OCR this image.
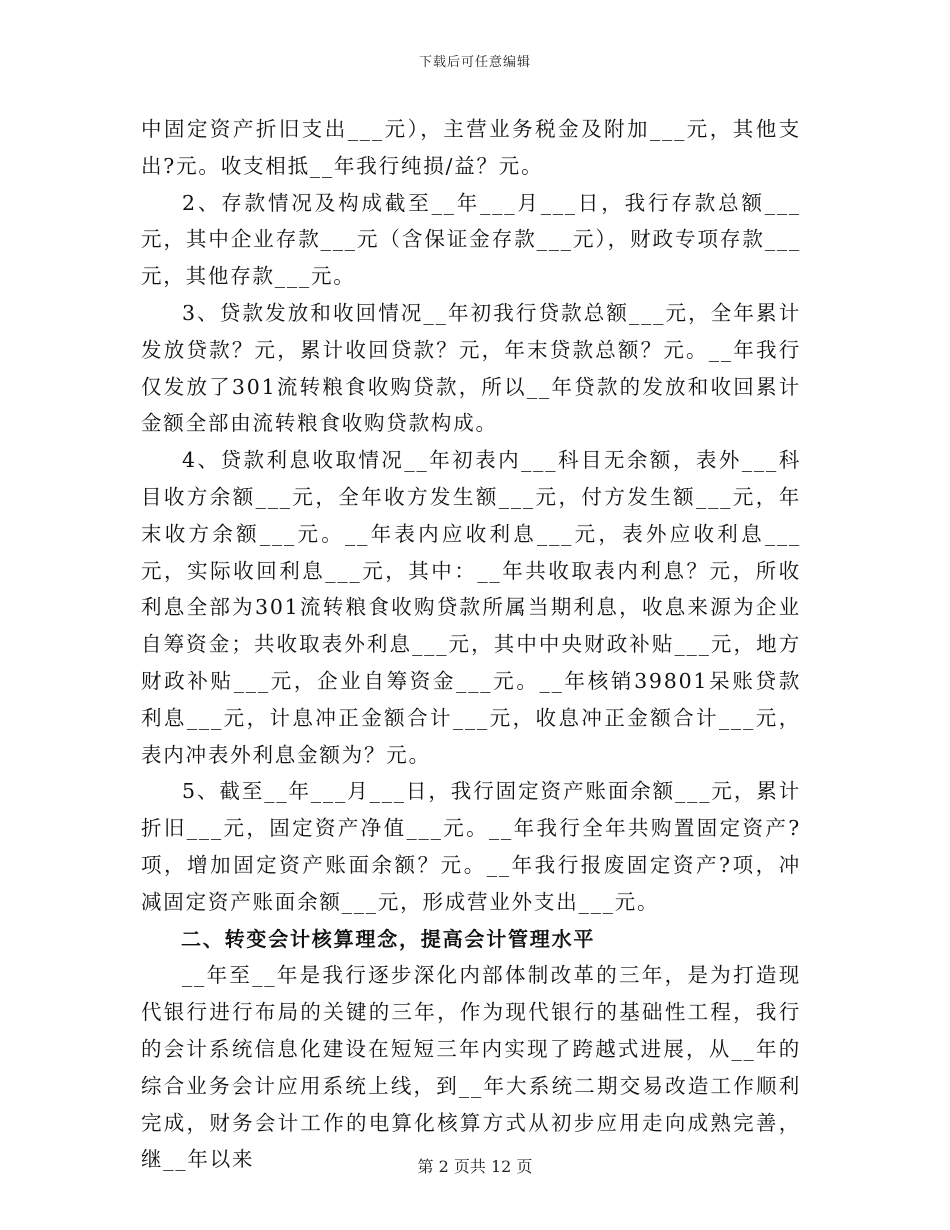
下载后可任意编辑

中固定资产折旧支出___元），主营业务税金及附加___元，其他支出?元。收支相抵__年我行纯损/益？元。

2、存款情况及构成截至__年___月___日，我行存款总额___元，其中企业存款___元（含保证金存款___元），财政专项存款___元，其他存款___元。

3、贷款发放和收回情况__年初我行贷款总额___元，全年累计发放贷款？元，累计收回贷款？元，年末贷款总额？元。__年我行仅发放了301流转粮食收购贷款，所以__年贷款的发放和收回累计金额全部由流转粮食收购贷款构成。

4、贷款利息收取情况__年初表内___科目无余额，表外___科目收方余额___元，全年收方发生额___元，付方发生额___元，年末收方余额___元。__年表内应收利息___元，表外应收利息___元，实际收回利息___元，其中：__年共收取表内利息？元，所收利息全部为301流转粮食收购贷款所属当期利息，收息来源为企业自筹资金；共收取表外利息___元，其中中央财政补贴___元，地方财政补贴___元，企业自筹资金___元。__年核销39801呆账贷款利息___元，计息冲正金额合计___元，收息冲正金额合计___元，表内冲表外利息金额为？元。

5、截至__年___月___日，我行固定资产账面余额___元，累计折旧___元，固定资产净值___元。__年我行全年共购置固定资产?项，增加固定资产账面余额？元。__年我行报废固定资产?项，冲减固定资产账面余额___元，形成营业外支出___元。

二、转变会计核算理念，提高会计管理水平

__年至__年是我行逐步深化内部体制改革的三年，是为打造现代银行进行布局的关键的三年，作为现代银行的基础性工程，我行的会计系统信息化建设在短短三年内实现了跨越式进展，从__年的综合业务会计应用系统上线，到__年大系统二期交易改造工作顺利完成，财务会计工作的电算化核算方式从初步应用走向成熟完善，继__年以来	第 2 页共 12 页
